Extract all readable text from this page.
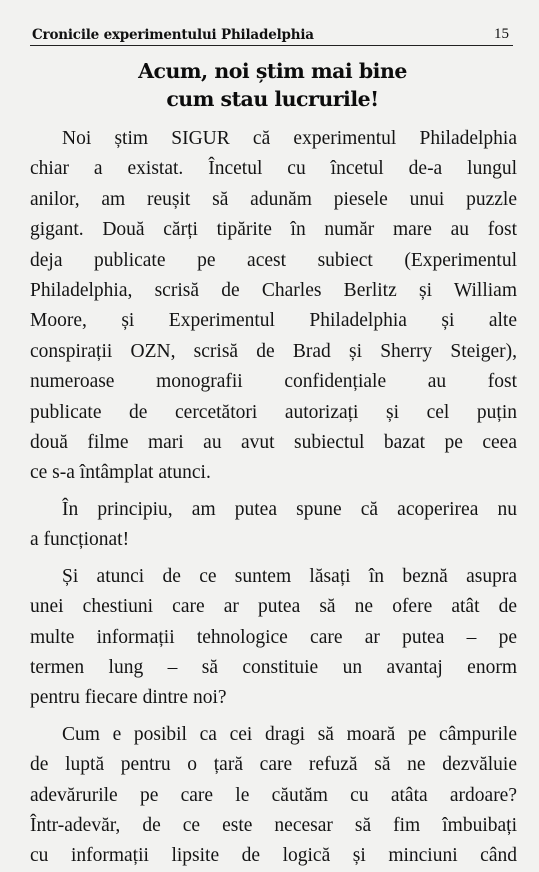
Cronicile experimentului Philadelphia	15
Acum, noi știm mai bine
cum stau lucrurile!

Noi știm SIGUR că experimentul Philadelphia
chiar a existat. Încetul cu încetul de-a lungul
anilor, am reușit să adunăm piesele unui puzzle
gigant. Două cărți tipărite în număr mare au fost
deja publicate pe acest subiect (Experimentul
Philadelphia, scrisă de Charles Berlitz și William
Moore, și Experimentul Philadelphia și alte
conspirații OZN, scrisă de Brad și Sherry Steiger),
numeroase monografii confidențiale au fost
publicate de cercetători autorizați și cel puțin
două filme mari au avut subiectul bazat pe ceea
ce s-a întâmplat atunci.

În principiu, am putea spune că acoperirea nu
a funcționat!

Și atunci de ce suntem lăsați în beznă asupra
unei chestiuni care ar putea să ne ofere atât de
multe informații tehnologice care ar putea – pe
termen lung – să constituie un avantaj enorm
pentru fiecare dintre noi?

Cum e posibil ca cei dragi să moară pe câmpurile
de luptă pentru o țară care refuză să ne dezvăluie
adevărurile pe care le căutăm cu atâta ardoare?
Într-adevăr, de ce este necesar să fim îmbuibați
cu informații lipsite de logică și minciuni când
